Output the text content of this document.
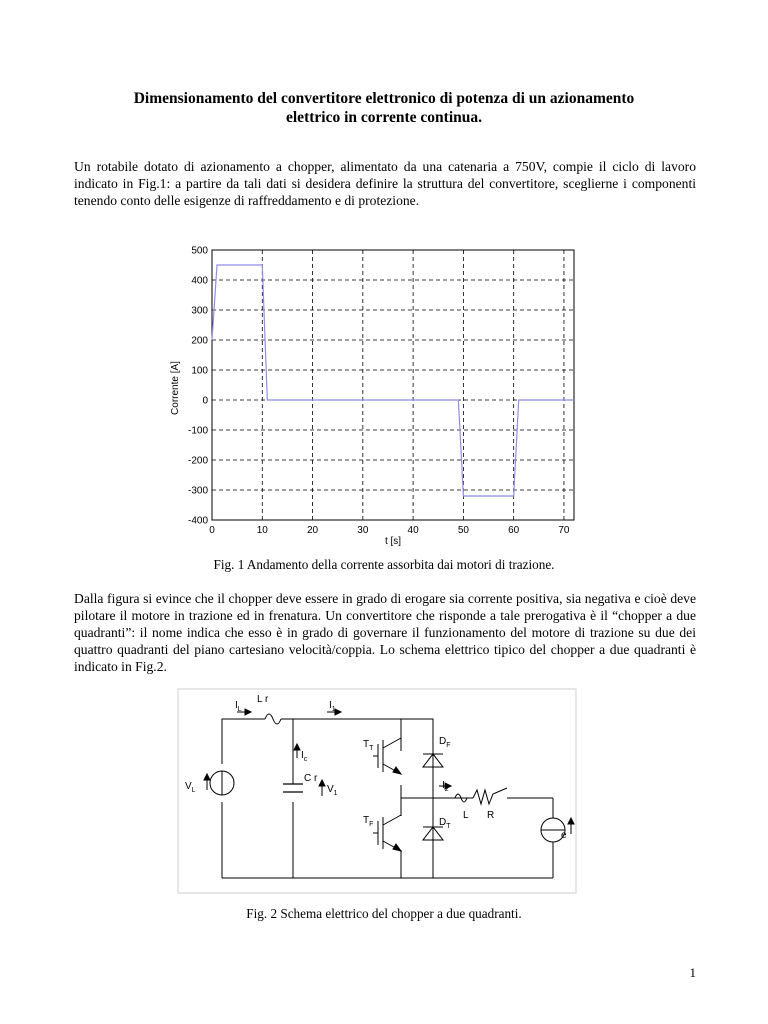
Dimensionamento del convertitore elettronico di potenza di un azionamento
elettrico in corrente continua.
Un rotabile dotato di azionamento a chopper, alimentato da una catenaria a 750V, compie il ciclo di lavoro indicato in Fig.1: a partire da tali dati si desidera definire la struttura del convertitore, sceglierne i componenti tenendo conto delle esigenze di raffreddamento e di protezione.
0	10	20	30	40	50	60	70
500
400
300
200
100
0
-100
-200
-300
-400
t [s]
Corrente [A]
Fig. 1 Andamento della corrente assorbita dai motori di trazione.
Dalla figura si evince che il chopper deve essere in grado di erogare sia corrente positiva, sia negativa e cioè deve pilotare il motore in trazione ed in frenatura. Un convertitore che risponde a tale prerogativa è il “chopper a due quadranti”: il nome indica che esso è in grado di governare il funzionamento del motore di trazione su due dei quattro quadranti del piano cartesiano velocità/coppia. Lo schema elettrico tipico del chopper a due quadranti è indicato in Fig.2.
$I_L$
L r
$I_1$
$I_c$
C r
$V_1$
$V_L$
$T_T$
$D_F$
$I_2$
$T_F$	$D_T$
L R
e
Fig. 2 Schema elettrico del chopper a due quadranti.
1
